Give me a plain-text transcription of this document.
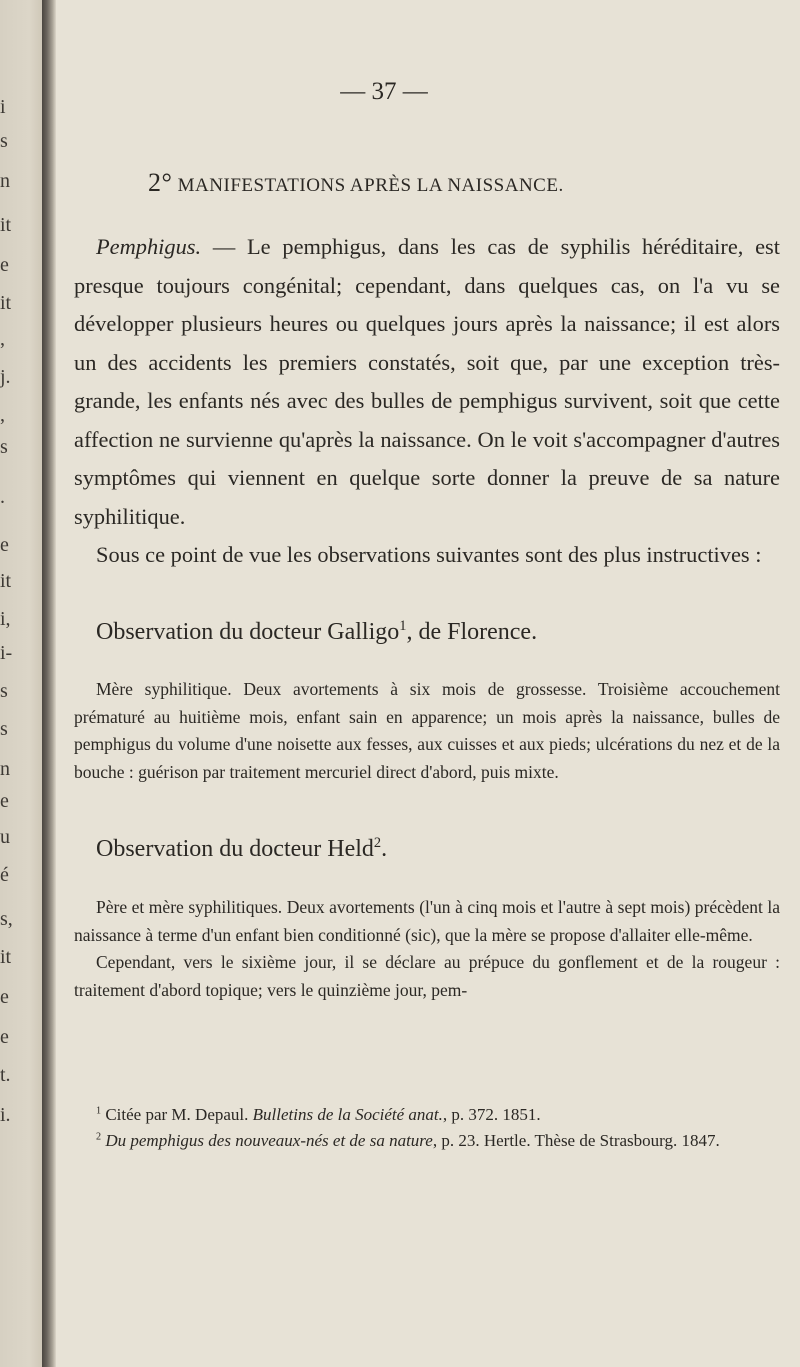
i
s
n
it
e
it
,
j.
,
s
.
e
it
i,
i-
s
s
n
e
u
é
s,
it
e
e
t.
i.
— 37 —
2° MANIFESTATIONS APRÈS LA NAISSANCE.

Pemphigus. — Le pemphigus, dans les cas de syphilis héréditaire, est presque toujours congénital; cependant, dans quelques cas, on l'a vu se développer plusieurs heures ou quelques jours après la naissance; il est alors un des accidents les premiers constatés, soit que, par une exception très-grande, les enfants nés avec des bulles de pemphigus survivent, soit que cette affection ne survienne qu'après la naissance. On le voit s'accompagner d'autres symptômes qui viennent en quelque sorte donner la preuve de sa nature syphilitique.

Sous ce point de vue les observations suivantes sont des plus instructives :

Observation du docteur Galligo$^1$, de Florence.

Mère syphilitique. Deux avortements à six mois de grossesse. Troisième accouchement prématuré au huitième mois, enfant sain en apparence; un mois après la naissance, bulles de pemphigus du volume d'une noisette aux fesses, aux cuisses et aux pieds; ulcérations du nez et de la bouche : guérison par traitement mercuriel direct d'abord, puis mixte.

Observation du docteur Held$^2$.

Père et mère syphilitiques. Deux avortements (l'un à cinq mois et l'autre à sept mois) précèdent la naissance à terme d'un enfant bien conditionné (sic), que la mère se propose d'allaiter elle-même.

Cependant, vers le sixième jour, il se déclare au prépuce du gonflement et de la rougeur : traitement d'abord topique; vers le quinzième jour, pem-

$^1$ Citée par M. Depaul. Bulletins de la Société anat., p. 372. 1851.

$^2$ Du pemphigus des nouveaux-nés et de sa nature, p. 23. Hertle. Thèse de Strasbourg. 1847.
